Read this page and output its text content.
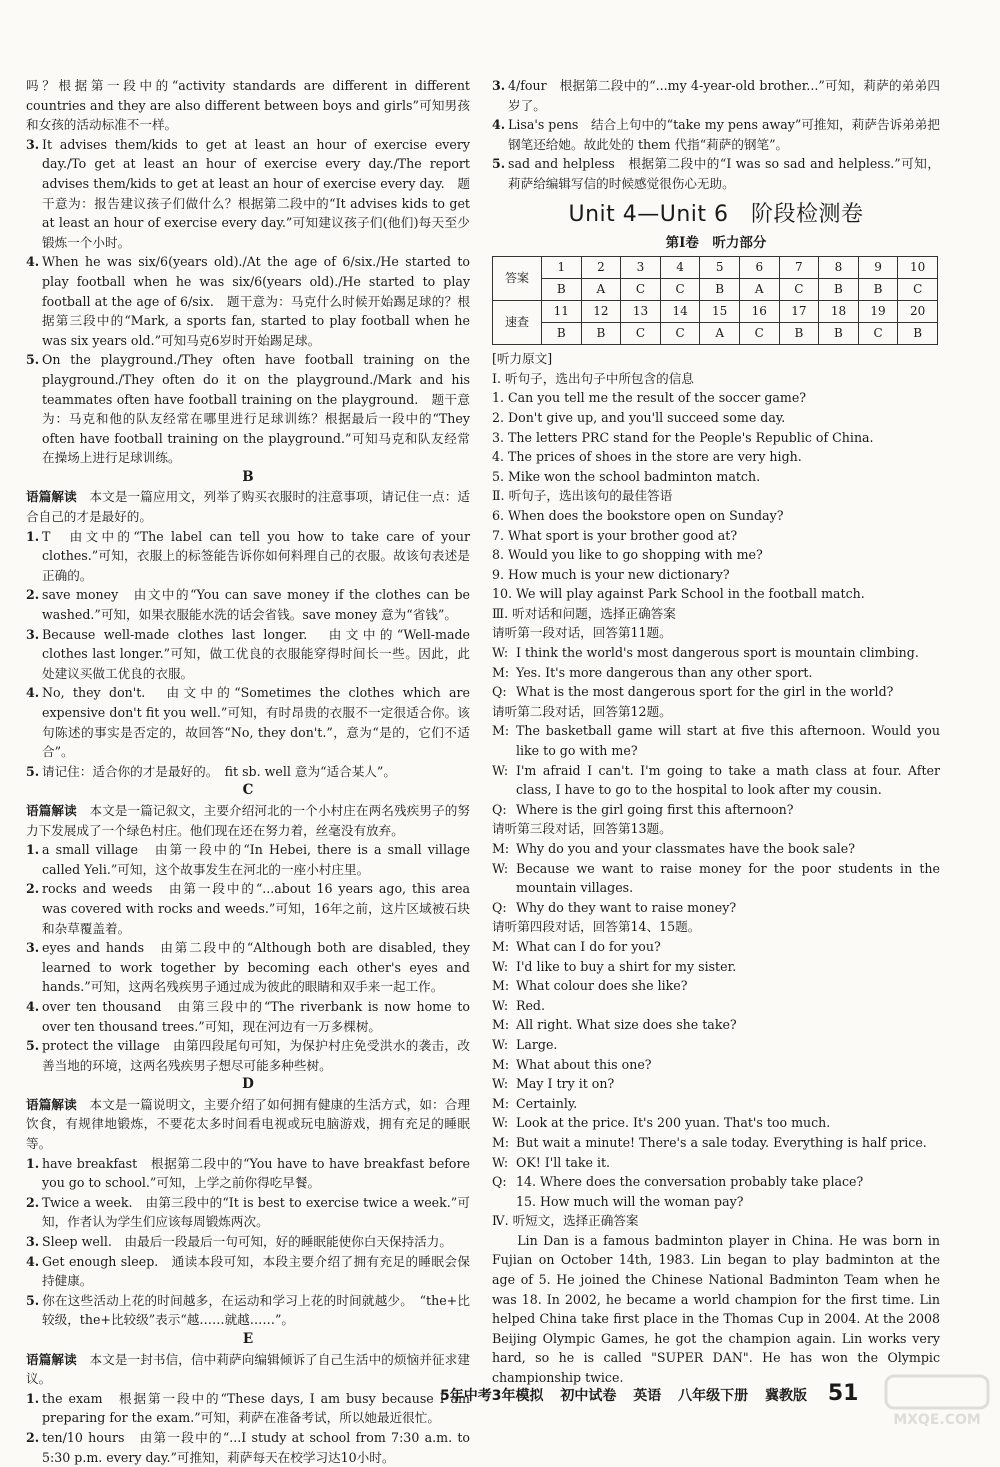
吗？根据第一段中的“activity standards are different in different countries and they are also different between boys and girls”可知男孩和女孩的活动标准不一样。

3. It advises them/kids to get at least an hour of exercise every day./To get at least an hour of exercise every day./The report advises them/kids to get at least an hour of exercise every day.　题干意为：报告建议孩子们做什么？根据第二段中的“It advises kids to get at least an hour of exercise every day.”可知建议孩子们(他们)每天至少锻炼一个小时。

4. When he was six/6(years old)./At the age of 6/six./He started to play football when he was six/6(years old)./He started to play football at the age of 6/six.　题干意为：马克什么时候开始踢足球的？根据第三段中的“Mark, a sports fan, started to play football when he was six years old.”可知马克6岁时开始踢足球。

5. On the playground./They often have football training on the playground./They often do it on the playground./Mark and his teammates often have football training on the playground.　题干意为：马克和他的队友经常在哪里进行足球训练？根据最后一段中的“They often have football training on the playground.”可知马克和队友经常在操场上进行足球训练。

B

语篇解读　本文是一篇应用文，列举了购买衣服时的注意事项，请记住一点：适合自己的才是最好的。

1. T　由文中的“The label can tell you how to take care of your clothes.”可知，衣服上的标签能告诉你如何料理自己的衣服。故该句表述是正确的。

2. save money　由文中的“You can save money if the clothes can be washed.”可知，如果衣服能水洗的话会省钱。save money 意为“省钱”。

3. Because well-made clothes last longer.　由文中的“Well-made clothes last longer.”可知，做工优良的衣服能穿得时间长一些。因此，此处建议买做工优良的衣服。

4. No, they don't.　由文中的“Sometimes the clothes which are expensive don't fit you well.”可知，有时昂贵的衣服不一定很适合你。该句陈述的事实是否定的，故回答“No, they don't.”，意为“是的，它们不适合”。

5. 请记住：适合你的才是最好的。　fit sb. well 意为“适合某人”。

C

语篇解读　本文是一篇记叙文，主要介绍河北的一个小村庄在两名残疾男子的努力下发展成了一个绿色村庄。他们现在还在努力着，丝毫没有放弃。

1. a small village　由第一段中的“In Hebei, there is a small village called Yeli.”可知，这个故事发生在河北的一座小村庄里。

2. rocks and weeds　由第一段中的“...about 16 years ago, this area was covered with rocks and weeds.”可知，16年之前，这片区域被石块和杂草覆盖着。

3. eyes and hands　由第二段中的“Although both are disabled, they learned to work together by becoming each other's eyes and hands.”可知，这两名残疾男子通过成为彼此的眼睛和双手来一起工作。

4. over ten thousand　由第三段中的“The riverbank is now home to over ten thousand trees.”可知，现在河边有一万多棵树。

5. protect the village　由第四段尾句可知，为保护村庄免受洪水的袭击，改善当地的环境，这两名残疾男子想尽可能多种些树。

D

语篇解读　本文是一篇说明文，主要介绍了如何拥有健康的生活方式，如：合理饮食，有规律地锻炼，不要花太多时间看电视或玩电脑游戏，拥有充足的睡眠等。

1. have breakfast　根据第二段中的“You have to have breakfast before you go to school.”可知，上学之前你得吃早餐。

2. Twice a week.　由第三段中的“It is best to exercise twice a week.”可知，作者认为学生们应该每周锻炼两次。

3. Sleep well.　由最后一段最后一句可知，好的睡眠能使你白天保持活力。

4. Get enough sleep.　通读本段可知，本段主要介绍了拥有充足的睡眠会保持健康。

5. 你在这些活动上花的时间越多，在运动和学习上花的时间就越少。　“the+比较级，the+比较级”表示“越……就越……”。

E

语篇解读　本文是一封书信，信中莉萨向编辑倾诉了自己生活中的烦恼并征求建议。

1. the exam　根据第一段中的“These days, I am busy because I am preparing for the exam.”可知，莉萨在准备考试，所以她最近很忙。

2. ten/10 hours　由第一段中的“...I study at school from 7:30 a.m. to 5:30 p.m. every day.”可推知，莉萨每天在校学习达10小时。

3. 4/four　根据第二段中的“...my 4-year-old brother...”可知，莉萨的弟弟四岁了。

4. Lisa's pens　结合上句中的“take my pens away”可推知，莉萨告诉弟弟把钢笔还给她。故此处的 them 代指“莉萨的钢笔”。

5. sad and helpless　根据第二段中的“I was so sad and helpless.”可知，莉萨给编辑写信的时候感觉很伤心无助。

Unit 4—Unit 6　阶段检测卷
第Ⅰ卷　听力部分
答案	1	2	3	4	5	6	7	8	9	10
	B	A	C	C	B	A	C	B	B	C
速查	11	12	13	14	15	16	17	18	19	20
	B	B	C	C	A	C	B	B	C	B

[听力原文]

Ⅰ. 听句子，选出句子中所包含的信息

1. Can you tell me the result of the soccer game?

2. Don't give up, and you'll succeed some day.

3. The letters PRC stand for the People's Republic of China.

4. The prices of shoes in the store are very high.

5. Mike won the school badminton match.

Ⅱ. 听句子，选出该句的最佳答语

6. When does the bookstore open on Sunday?

7. What sport is your brother good at?

8. Would you like to go shopping with me?

9. How much is your new dictionary?

10. We will play against Park School in the football match.

Ⅲ. 听对话和问题，选择正确答案

请听第一段对话，回答第11题。

W: I think the world's most dangerous sport is mountain climbing.

M: Yes. It's more dangerous than any other sport.

Q: What is the most dangerous sport for the girl in the world?

请听第二段对话，回答第12题。

M: The basketball game will start at five this afternoon. Would you like to go with me?

W: I'm afraid I can't. I'm going to take a math class at four. After class, I have to go to the hospital to look after my cousin.

Q: Where is the girl going first this afternoon?

请听第三段对话，回答第13题。

M: Why do you and your classmates have the book sale?

W: Because we want to raise money for the poor students in the mountain villages.

Q: Why do they want to raise money?

请听第四段对话，回答第14、15题。

M: What can I do for you?

W: I'd like to buy a shirt for my sister.

M: What colour does she like?

W: Red.

M: All right. What size does she take?

W: Large.

M: What about this one?

W: May I try it on?

M: Certainly.

W: Look at the price. It's 200 yuan. That's too much.

M: But wait a minute! There's a sale today. Everything is half price.

W: OK! I'll take it.

Q: 14. Where does the conversation probably take place?

15. How much will the woman pay?

Ⅳ. 听短文，选择正确答案

Lin Dan is a famous badminton player in China. He was born in Fujian on October 14th, 1983. Lin began to play badminton at the age of 5. He joined the Chinese National Badminton Team when he was 18. In 2002, he became a world champion for the first time. Lin helped China take first place in the Thomas Cup in 2004. At the 2008 Beijing Olympic Games, he got the champion again. Lin works very hard, so he is called "SUPER DAN". He has won the Olympic championship twice.

5年中考3年模拟 初中试卷 英语 八年级下册 冀教版 51
MXQE.COM
